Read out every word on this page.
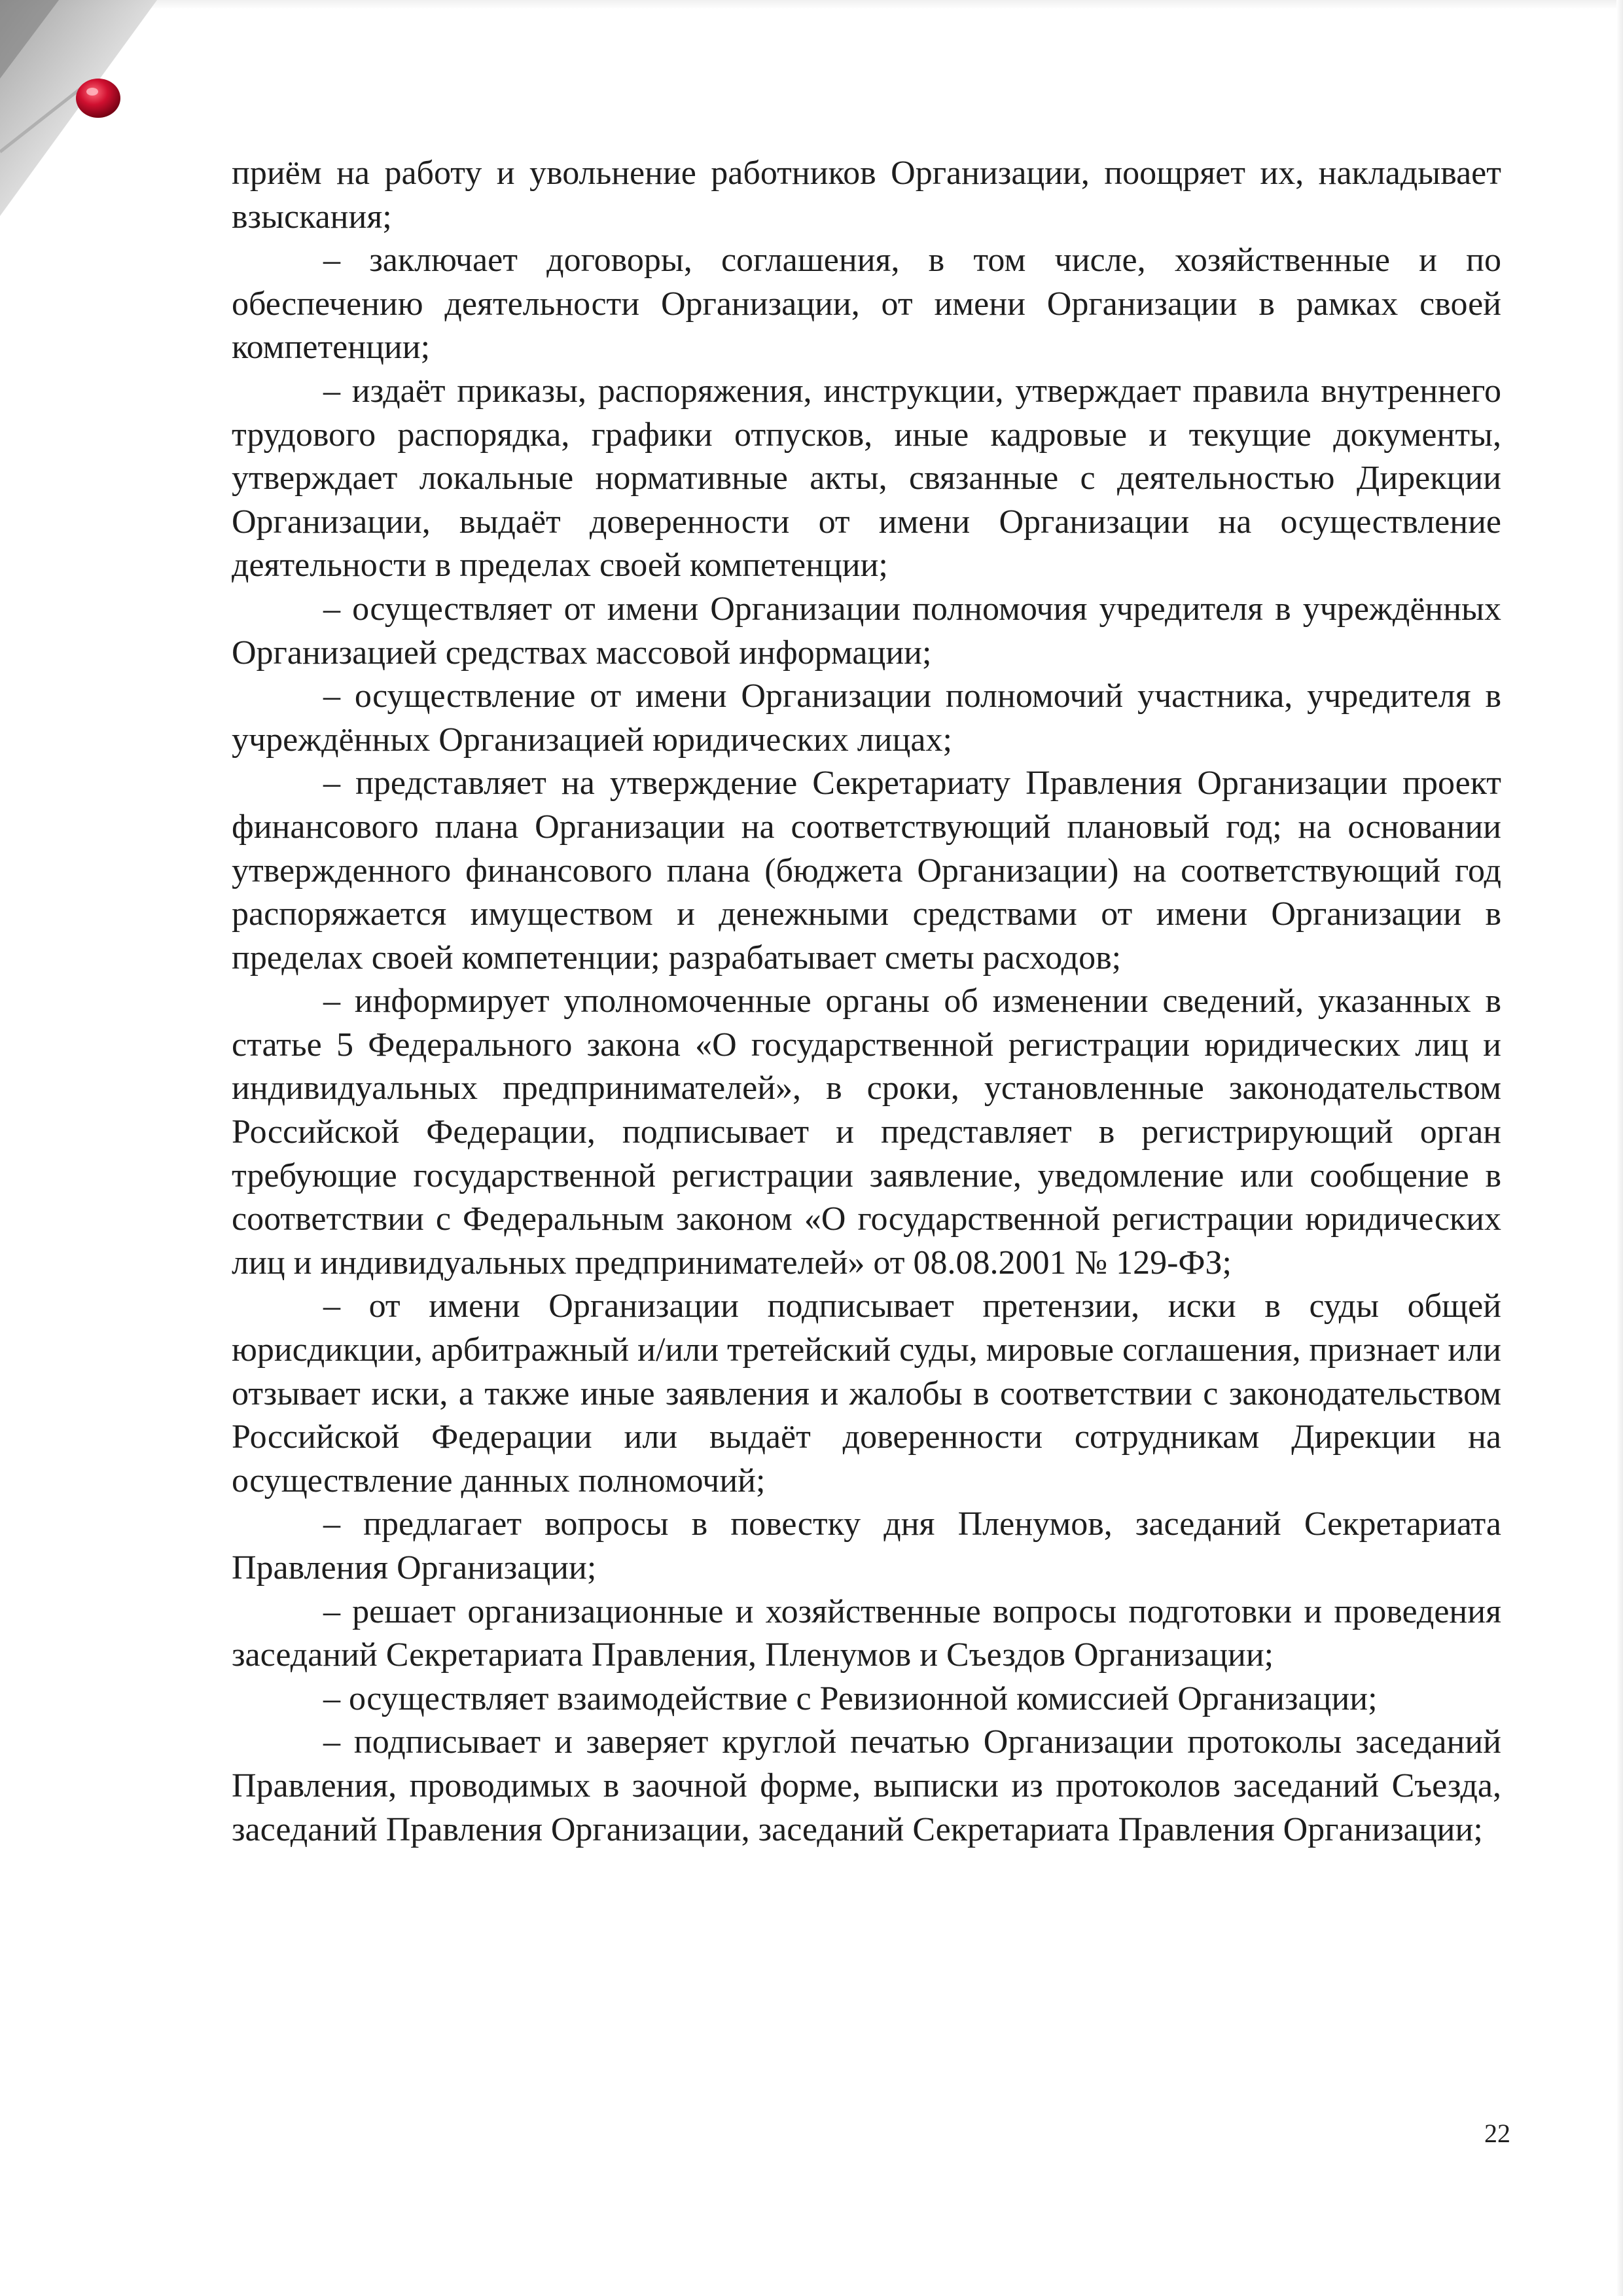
приём на работу и увольнение работников Организации, поощряет их, накладывает взыскания;

– заключает договоры, соглашения, в том числе, хозяйственные и по обеспечению деятельности Организации, от имени Организации в рамках своей компетенции;

– издаёт приказы, распоряжения, инструкции, утверждает правила внутреннего трудового распорядка, графики отпусков, иные кадровые и текущие документы, утверждает локальные нормативные акты, связанные с деятельностью Дирекции Организации, выдаёт доверенности от имени Организации на осуществление деятельности в пределах своей компетенции;

– осуществляет от имени Организации полномочия учредителя в учреждённых Организацией средствах массовой информации;

– осуществление от имени Организации полномочий участника, учредителя в учреждённых Организацией юридических лицах;

– представляет на утверждение Секретариату Правления Организации проект финансового плана Организации на соответствующий плановый год; на основании утвержденного финансового плана (бюджета Организации) на соответствующий год распоряжается имуществом и денежными средствами от имени Организации в пределах своей компетенции; разрабатывает сметы расходов;

– информирует уполномоченные органы об изменении сведений, указанных в статье 5 Федерального закона «О государственной регистрации юридических лиц и индивидуальных предпринимателей», в сроки, установленные законодательством Российской Федерации, подписывает и представляет в регистрирующий орган требующие государственной регистрации заявление, уведомление или сообщение в соответствии с Федеральным законом «О государственной регистрации юридических лиц и индивидуальных предпринимателей» от 08.08.2001 № 129-ФЗ;

– от имени Организации подписывает претензии, иски в суды общей юрисдикции, арбитражный и/или третейский суды, мировые соглашения, признает или отзывает иски, а также иные заявления и жалобы в соответствии с законодательством Российской Федерации или выдаёт доверенности сотрудникам Дирекции на осуществление данных полномочий;

– предлагает вопросы в повестку дня Пленумов, заседаний Секретариата Правления Организации;

– решает организационные и хозяйственные вопросы подготовки и проведения заседаний Секретариата Правления, Пленумов и Съездов Организации;

– осуществляет взаимодействие с Ревизионной комиссией Организации;

– подписывает и заверяет круглой печатью Организации протоколы заседаний Правления, проводимых в заочной форме, выписки из протоколов заседаний Съезда, заседаний Правления Организации, заседаний Секретариата Правления Организации;

22
